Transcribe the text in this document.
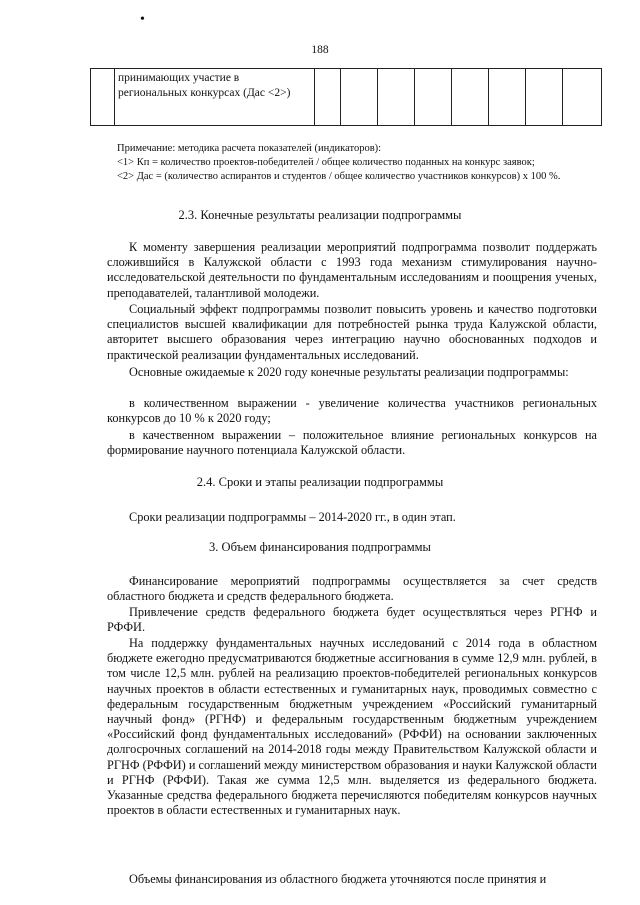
•
188
	принимающих участие в региональных конкурсах (Дас <2>)								

Примечание: методика расчета показателей (индикаторов):

<1> Кп = количество проектов-победителей / общее количество поданных на конкурс заявок;

<2> Дас = (количество аспирантов и студентов / общее количество участников конкурсов) х 100 %.

2.3. Конечные результаты реализации подпрограммы

К моменту завершения реализации мероприятий подпрограмма позволит поддержать сложившийся в Калужской области с 1993 года механизм стимулирования научно-исследовательской деятельности по фундаментальным исследованиям и поощрения ученых, преподавателей, талантливой молодежи.

Социальный эффект подпрограммы позволит повысить уровень и качество подготовки специалистов высшей квалификации для потребностей рынка труда Калужской области, авторитет высшего образования через интеграцию научно обоснованных подходов и практической реализации фундаментальных исследований.

Основные ожидаемые к 2020 году конечные результаты реализации подпрограммы:

в количественном выражении - увеличение количества участников региональных конкурсов до 10 % к 2020 году;

в качественном выражении – положительное влияние региональных конкурсов на формирование научного потенциала Калужской области.

2.4. Сроки и этапы реализации подпрограммы

Сроки реализации подпрограммы – 2014-2020 гг., в один этап.

3. Объем финансирования подпрограммы

Финансирование мероприятий подпрограммы осуществляется за счет средств областного бюджета и средств федерального бюджета.

Привлечение средств федерального бюджета будет осуществляться через РГНФ и РФФИ.

На поддержку фундаментальных научных исследований с 2014 года в областном бюджете ежегодно предусматриваются бюджетные ассигнования в сумме 12,9 млн. рублей, в том числе 12,5 млн. рублей на реализацию проектов-победителей региональных конкурсов научных проектов в области естественных и гуманитарных наук, проводимых совместно с федеральным государственным бюджетным учреждением «Российский гуманитарный научный фонд» (РГНФ) и федеральным государственным бюджетным учреждением «Российский фонд фундаментальных исследований» (РФФИ) на основании заключенных долгосрочных соглашений на 2014-2018 годы между Правительством Калужской области и РГНФ (РФФИ) и соглашений между министерством образования и науки Калужской области и РГНФ (РФФИ). Такая же сумма 12,5 млн. выделяется из федерального бюджета. Указанные средства федерального бюджета перечисляются победителям конкурсов научных проектов в области естественных и гуманитарных наук.

Объемы финансирования из областного бюджета уточняются после принятия и
